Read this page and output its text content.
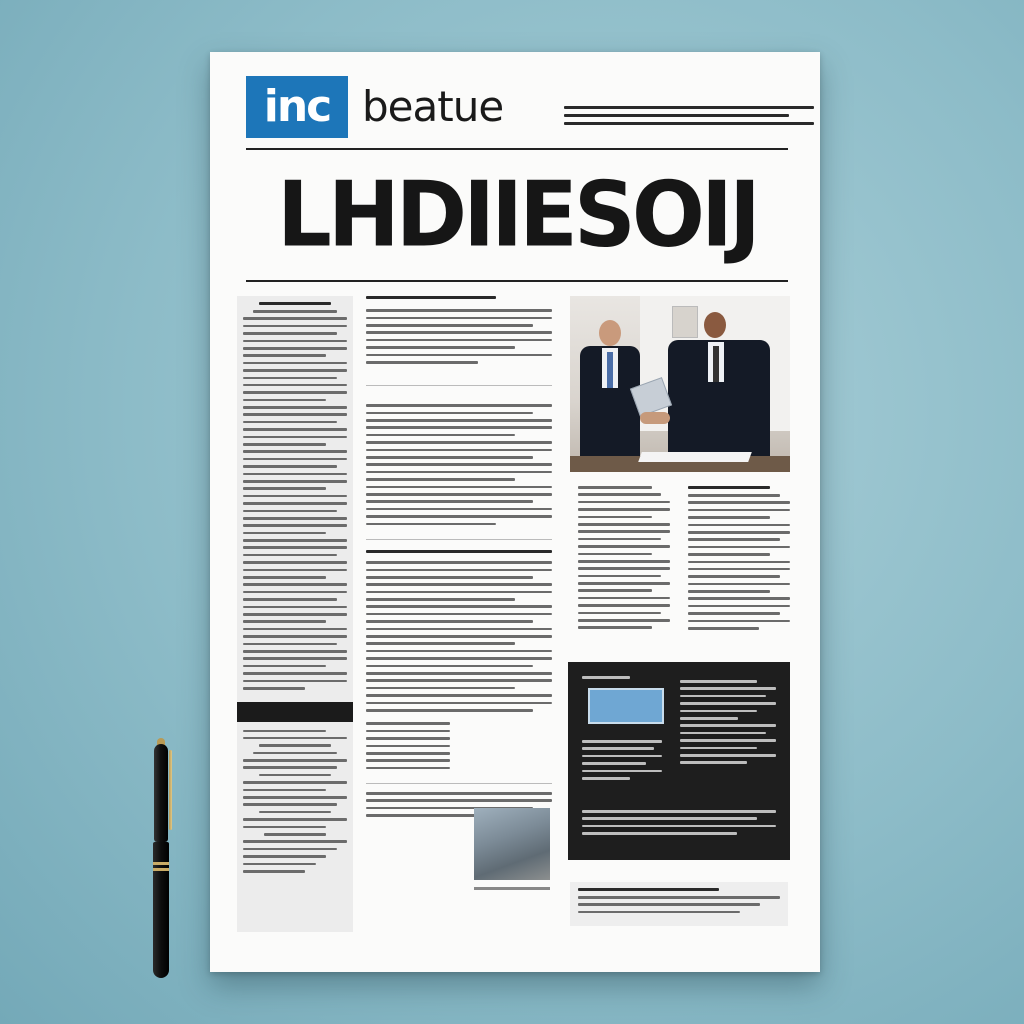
inc beatue
LHDIIESOIJ
